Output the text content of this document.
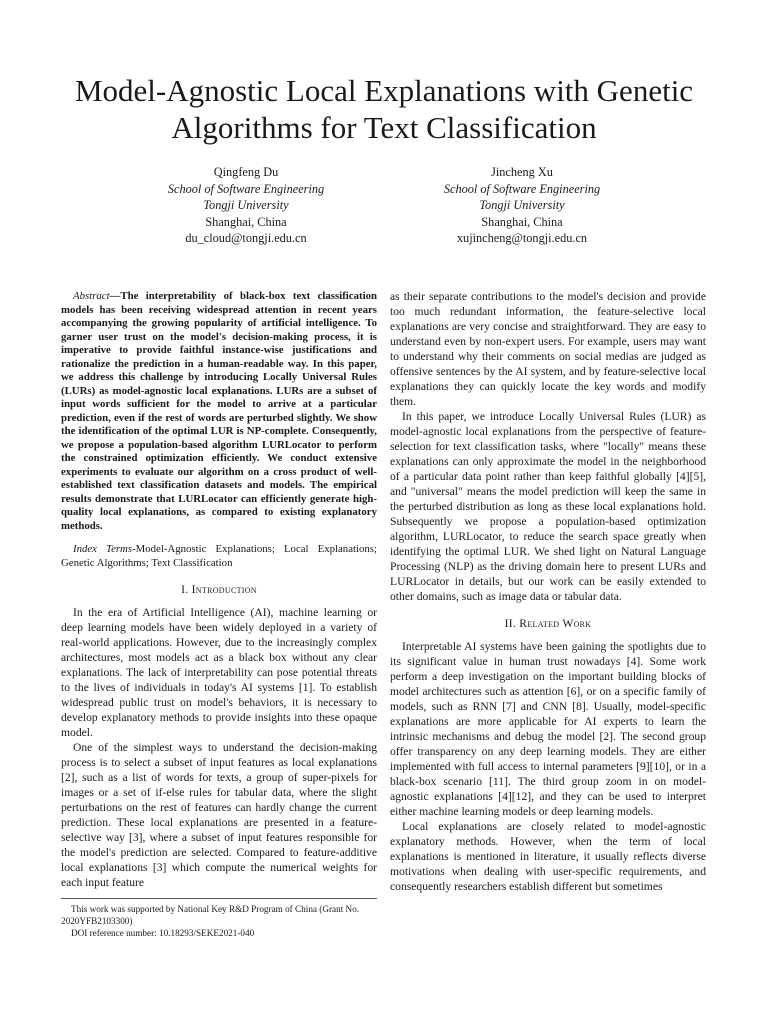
Model-Agnostic Local Explanations with Genetic Algorithms for Text Classification
Qingfeng Du
School of Software Engineering
Tongji University
Shanghai, China
du_cloud@tongji.edu.cn
Jincheng Xu
School of Software Engineering
Tongji University
Shanghai, China
xujincheng@tongji.edu.cn

Abstract—The interpretability of black-box text classification models has been receiving widespread attention in recent years accompanying the growing popularity of artificial intelligence. To garner user trust on the model's decision-making process, it is imperative to provide faithful instance-wise justifications and rationalize the prediction in a human-readable way. In this paper, we address this challenge by introducing Locally Universal Rules (LURs) as model-agnostic local explanations. LURs are a subset of input words sufficient for the model to arrive at a particular prediction, even if the rest of words are perturbed slightly. We show the identification of the optimal LUR is NP-complete. Consequently, we propose a population-based algorithm LURLocator to perform the constrained optimization efficiently. We conduct extensive experiments to evaluate our algorithm on a cross product of well-established text classification datasets and models. The empirical results demonstrate that LURLocator can efficiently generate high-quality local explanations, as compared to existing explanatory methods.

Index Terms-Model-Agnostic Explanations; Local Explanations; Genetic Algorithms; Text Classification

I. Introduction

In the era of Artificial Intelligence (AI), machine learning or deep learning models have been widely deployed in a variety of real-world applications. However, due to the increasingly complex architectures, most models act as a black box without any clear explanations. The lack of interpretability can pose potential threats to the lives of individuals in today's AI systems [1]. To establish widespread public trust on model's behaviors, it is necessary to develop explanatory methods to provide insights into these opaque model.

One of the simplest ways to understand the decision-making process is to select a subset of input features as local explanations [2], such as a list of words for texts, a group of super-pixels for images or a set of if-else rules for tabular data, where the slight perturbations on the rest of features can hardly change the current prediction. These local explanations are presented in a feature-selective way [3], where a subset of input features responsible for the model's prediction are selected. Compared to feature-additive local explanations [3] which compute the numerical weights for each input feature

as their separate contributions to the model's decision and provide too much redundant information, the feature-selective local explanations are very concise and straightforward. They are easy to understand even by non-expert users. For example, users may want to understand why their comments on social medias are judged as offensive sentences by the AI system, and by feature-selective local explanations they can quickly locate the key words and modify them.

In this paper, we introduce Locally Universal Rules (LUR) as model-agnostic local explanations from the perspective of feature-selection for text classification tasks, where "locally" means these explanations can only approximate the model in the neighborhood of a particular data point rather than keep faithful globally [4][5], and "universal" means the model prediction will keep the same in the perturbed distribution as long as these local explanations hold. Subsequently we propose a population-based optimization algorithm, LURLocator, to reduce the search space greatly when identifying the optimal LUR. We shed light on Natural Language Processing (NLP) as the driving domain here to present LURs and LURLocator in details, but our work can be easily extended to other domains, such as image data or tabular data.

II. Related Work

Interpretable AI systems have been gaining the spotlights due to its significant value in human trust nowadays [4]. Some work perform a deep investigation on the important building blocks of model architectures such as attention [6], or on a specific family of models, such as RNN [7] and CNN [8]. Usually, model-specific explanations are more applicable for AI experts to learn the intrinsic mechanisms and debug the model [2]. The second group offer transparency on any deep learning models. They are either implemented with full access to internal parameters [9][10], or in a black-box scenario [11]. The third group zoom in on model-agnostic explanations [4][12], and they can be used to interpret either machine learning models or deep learning models.

Local explanations are closely related to model-agnostic explanatory methods. However, when the term of local explanations is mentioned in literature, it usually reflects diverse motivations when dealing with user-specific requirements, and consequently researchers establish different but sometimes

This work was supported by National Key R&D Program of China (Grant No. 2020YFB2103300)

DOI reference number: 10.18293/SEKE2021-040
